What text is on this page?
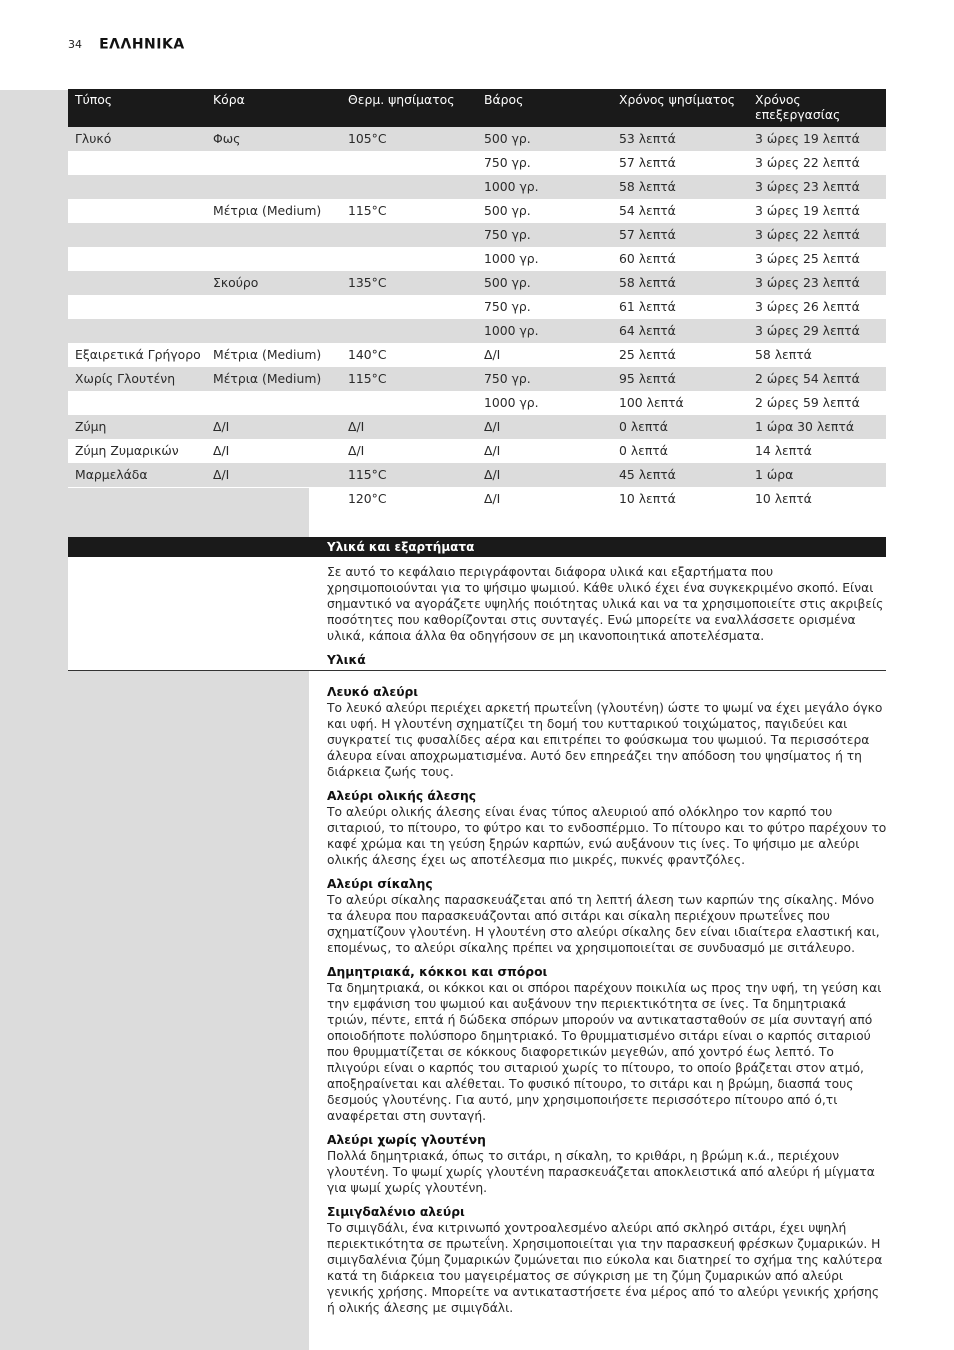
34 ΕΛΛΗΝΙΚΑ
Τύπος	Κόρα	Θερμ. ψησίματος	Βάρος	Χρόνος ψησίματος	Χρόνος επεξεργασίας
Γλυκό	Φως	105°C	500 γρ.	53 λεπτά	3 ώρες 19 λεπτά
			750 γρ.	57 λεπτά	3 ώρες 22 λεπτά
			1000 γρ.	58 λεπτά	3 ώρες 23 λεπτά
	Μέτρια (Medium)	115°C	500 γρ.	54 λεπτά	3 ώρες 19 λεπτά
			750 γρ.	57 λεπτά	3 ώρες 22 λεπτά
			1000 γρ.	60 λεπτά	3 ώρες 25 λεπτά
	Σκούρο	135°C	500 γρ.	58 λεπτά	3 ώρες 23 λεπτά
			750 γρ.	61 λεπτά	3 ώρες 26 λεπτά
			1000 γρ.	64 λεπτά	3 ώρες 29 λεπτά
Εξαιρετικά Γρήγορο	Μέτρια (Medium)	140°C	Δ/Ι	25 λεπτά	58 λεπτά
Χωρίς Γλουτένη	Μέτρια (Medium)	115°C	750 γρ.	95 λεπτά	2 ώρες 54 λεπτά
			1000 γρ.	100 λεπτά	2 ώρες 59 λεπτά
Ζύμη	Δ/Ι	Δ/Ι	Δ/Ι	0 λεπτά	1 ώρα 30 λεπτά
Ζύμη Ζυμαρικών	Δ/Ι	Δ/Ι	Δ/Ι	0 λεπτά	14 λεπτά
Μαρμελάδα	Δ/Ι	115°C	Δ/Ι	45 λεπτά	1 ώρα
		120°C	Δ/Ι	10 λεπτά	10 λεπτά
Υλικά και εξαρτήματα

Σε αυτό το κεφάλαιο περιγράφονται διάφορα υλικά και εξαρτήματα που χρησιμοποιούνται για το ψήσιμο ψωμιού. Κάθε υλικό έχει ένα συγκεκριμένο σκοπό. Είναι σημαντικό να αγοράζετε υψηλής ποιότητας υλικά και να τα χρησιμοποιείτε στις ακριβείς ποσότητες που καθορίζονται στις συνταγές. Ενώ μπορείτε να εναλλάσσετε ορισμένα υλικά, κάποια άλλα θα οδηγήσουν σε μη ικανοποιητικά αποτελέσματα.

Υλικά

Λευκό αλεύρι

Το λευκό αλεύρι περιέχει αρκετή πρωτεΐνη (γλουτένη) ώστε το ψωμί να έχει μεγάλο όγκο και υφή. Η γλουτένη σχηματίζει τη δομή του κυτταρικού τοιχώματος, παγιδεύει και συγκρατεί τις φυσαλίδες αέρα και επιτρέπει το φούσκωμα του ψωμιού. Τα περισσότερα άλευρα είναι αποχρωματισμένα. Αυτό δεν επηρεάζει την απόδοση του ψησίματος ή τη διάρκεια ζωής τους.

Αλεύρι ολικής άλεσης

Το αλεύρι ολικής άλεσης είναι ένας τύπος αλευριού από ολόκληρο τον καρπό του σιταριού, το πίτουρο, το φύτρο και το ενδοσπέρμιο. Το πίτουρο και το φύτρο παρέχουν το καφέ χρώμα και τη γεύση ξηρών καρπών, ενώ αυξάνουν τις ίνες. Το ψήσιμο με αλεύρι ολικής άλεσης έχει ως αποτέλεσμα πιο μικρές, πυκνές φραντζόλες.

Αλεύρι σίκαλης

Το αλεύρι σίκαλης παρασκευάζεται από τη λεπτή άλεση των καρπών της σίκαλης. Μόνο τα άλευρα που παρασκευάζονται από σιτάρι και σίκαλη περιέχουν πρωτεΐνες που σχηματίζουν γλουτένη. Η γλουτένη στο αλεύρι σίκαλης δεν είναι ιδιαίτερα ελαστική και, επομένως, το αλεύρι σίκαλης πρέπει να χρησιμοποιείται σε συνδυασμό με σιτάλευρο.

Δημητριακά, κόκκοι και σπόροι

Τα δημητριακά, οι κόκκοι και οι σπόροι παρέχουν ποικιλία ως προς την υφή, τη γεύση και την εμφάνιση του ψωμιού και αυξάνουν την περιεκτικότητα σε ίνες. Τα δημητριακά τριών, πέντε, επτά ή δώδεκα σπόρων μπορούν να αντικατασταθούν σε μία συνταγή από οποιοδήποτε πολύσπορο δημητριακό. Το θρυμματισμένο σιτάρι είναι ο καρπός σιταριού που θρυμματίζεται σε κόκκους διαφορετικών μεγεθών, από χοντρό έως λεπτό. Το πλιγούρι είναι ο καρπός του σιταριού χωρίς το πίτουρο, το οποίο βράζεται στον ατμό, αποξηραίνεται και αλέθεται. Το φυσικό πίτουρο, το σιτάρι και η βρώμη, διασπά τους δεσμούς γλουτένης. Για αυτό, μην χρησιμοποιήσετε περισσότερο πίτουρο από ό,τι αναφέρεται στη συνταγή.

Αλεύρι χωρίς γλουτένη

Πολλά δημητριακά, όπως το σιτάρι, η σίκαλη, το κριθάρι, η βρώμη κ.ά., περιέχουν γλουτένη. Το ψωμί χωρίς γλουτένη παρασκευάζεται αποκλειστικά από αλεύρι ή μίγματα για ψωμί χωρίς γλουτένη.

Σιμιγδαλένιο αλεύρι

Το σιμιγδάλι, ένα κιτρινωπό χοντροαλεσμένο αλεύρι από σκληρό σιτάρι, έχει υψηλή περιεκτικότητα σε πρωτεΐνη. Χρησιμοποιείται για την παρασκευή φρέσκων ζυμαρικών. Η σιμιγδαλένια ζύμη ζυμαρικών ζυμώνεται πιο εύκολα και διατηρεί το σχήμα της καλύτερα κατά τη διάρκεια του μαγειρέματος σε σύγκριση με τη ζύμη ζυμαρικών από αλεύρι γενικής χρήσης. Μπορείτε να αντικαταστήσετε ένα μέρος από το αλεύρι γενικής χρήσης ή ολικής άλεσης με σιμιγδάλι.
